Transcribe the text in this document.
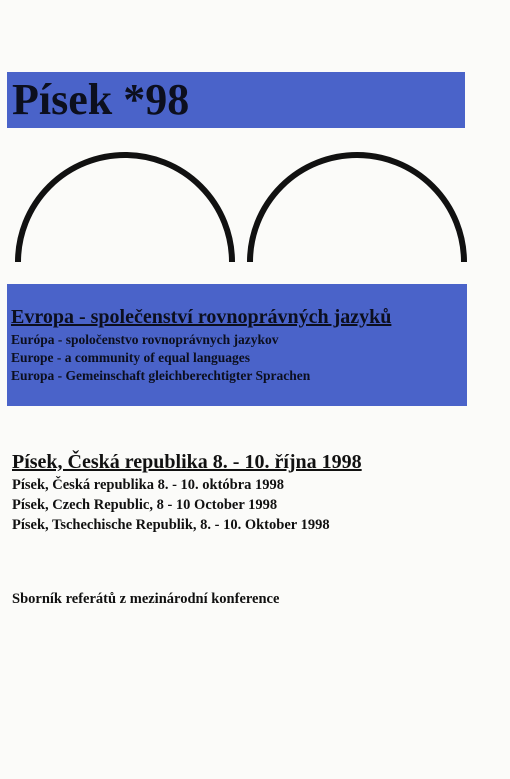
Písek *98
Evropa - společenství rovnoprávných jazyků
Európa - spoločenstvo rovnoprávnych jazykov
Europe - a community of equal languages
Europa - Gemeinschaft gleichberechtigter Sprachen
Písek, Česká republika 8. - 10. října 1998
Písek, Česká republika 8. - 10. októbra 1998
Písek, Czech Republic, 8 - 10 October 1998
Písek, Tschechische Republik, 8. - 10. Oktober 1998
Sborník referátů z mezinárodní konference
